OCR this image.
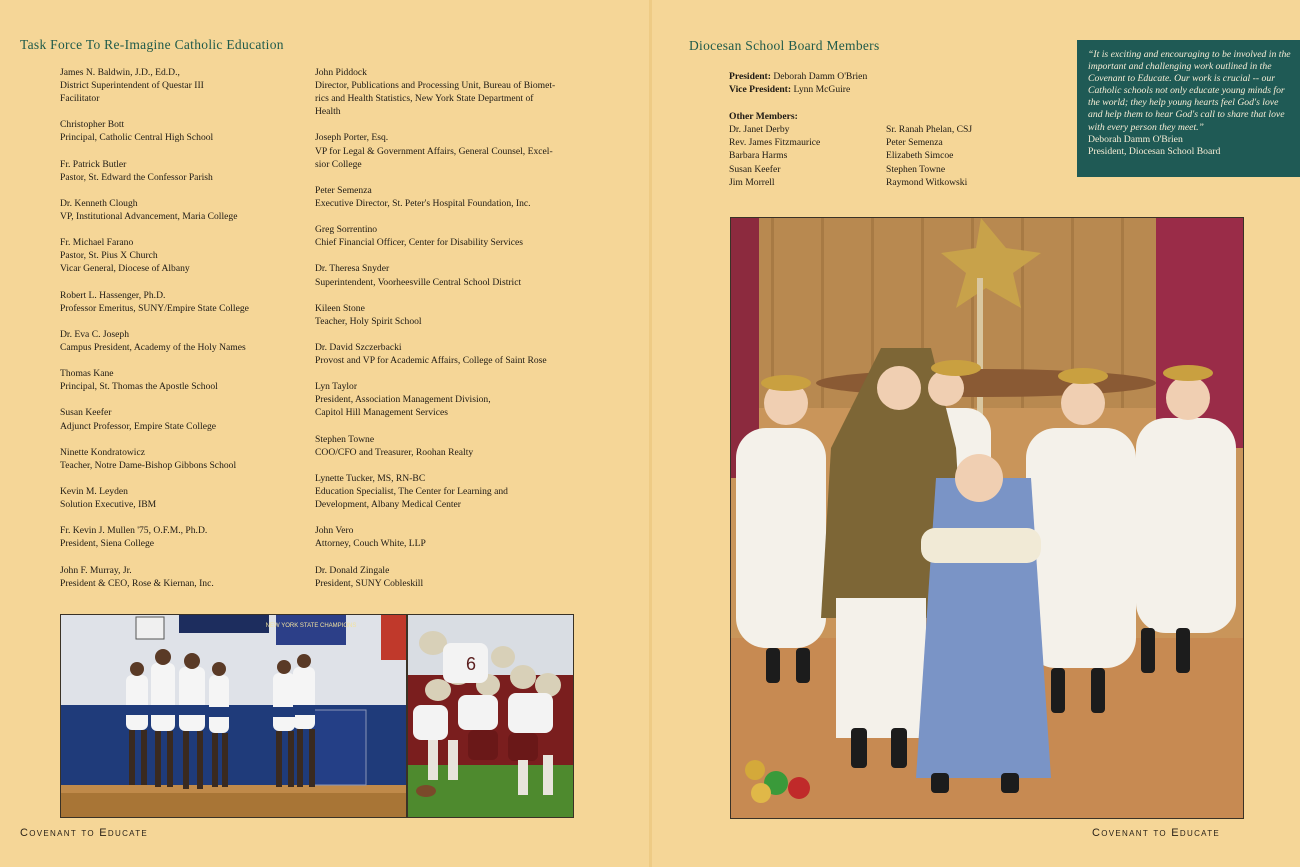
Task Force To Re-Imagine Catholic Education
James N. Baldwin, J.D., Ed.D.,
District Superintendent of Questar III
Facilitator
Christopher Bott
Principal, Catholic Central High School
Fr. Patrick Butler
Pastor, St. Edward the Confessor Parish
Dr. Kenneth Clough
VP, Institutional Advancement, Maria College
Fr. Michael Farano
Pastor, St. Pius X Church
Vicar General, Diocese of Albany
Robert L. Hassenger, Ph.D.
Professor Emeritus, SUNY/Empire State College
Dr. Eva C. Joseph
Campus President, Academy of the Holy Names
Thomas Kane
Principal, St. Thomas the Apostle School
Susan Keefer
Adjunct Professor, Empire State College
Ninette Kondratowicz
Teacher, Notre Dame-Bishop Gibbons School
Kevin M. Leyden
Solution Executive, IBM
Fr. Kevin J. Mullen '75, O.F.M., Ph.D.
President, Siena College
John F. Murray, Jr.
President & CEO, Rose & Kiernan, Inc.
John Piddock
Director, Publications and Processing Unit, Bureau of Biomet-
rics and Health Statistics, New York State Department of
Health
Joseph Porter, Esq.
VP for Legal & Government Affairs, General Counsel, Excel-
sior College
Peter Semenza
Executive Director, St. Peter's Hospital Foundation, Inc.
Greg Sorrentino
Chief Financial Officer, Center for Disability Services
Dr. Theresa Snyder
Superintendent, Voorheesville Central School District
Kileen Stone
Teacher, Holy Spirit School
Dr. David Szczerbacki
Provost and VP for Academic Affairs, College of Saint Rose
Lyn Taylor
President, Association Management Division,
Capitol Hill Management Services
Stephen Towne
COO/CFO and Treasurer, Roohan Realty
Lynette Tucker, MS, RN-BC
Education Specialist, The Center for Learning and
Development, Albany Medical Center
John Vero
Attorney, Couch White, LLP
Dr. Donald Zingale
President, SUNY Cobleskill
NEW YORK STATE CHAMPIONS
6

Covenant to Educate

Diocesan School Board Members
President: Deborah Damm O'Brien
Vice President: Lynn McGuire
Other Members:
Dr. Janet Derby
Rev. James Fitzmaurice
Barbara Harms
Susan Keefer
Jim Morrell
Sr. Ranah Phelan, CSJ
Peter Semenza
Elizabeth Simcoe
Stephen Towne
Raymond Witkowski

“It is exciting and encouraging to be involved in the important and challenging work outlined in the Covenant to Educate. Our work is crucial -- our Catholic schools not only educate young minds for the world; they help young hearts feel God's love and help them to hear God's call to share that love with every person they meet.”

Deborah Damm O'Brien

President, Diocesan School Board

Covenant to Educate
